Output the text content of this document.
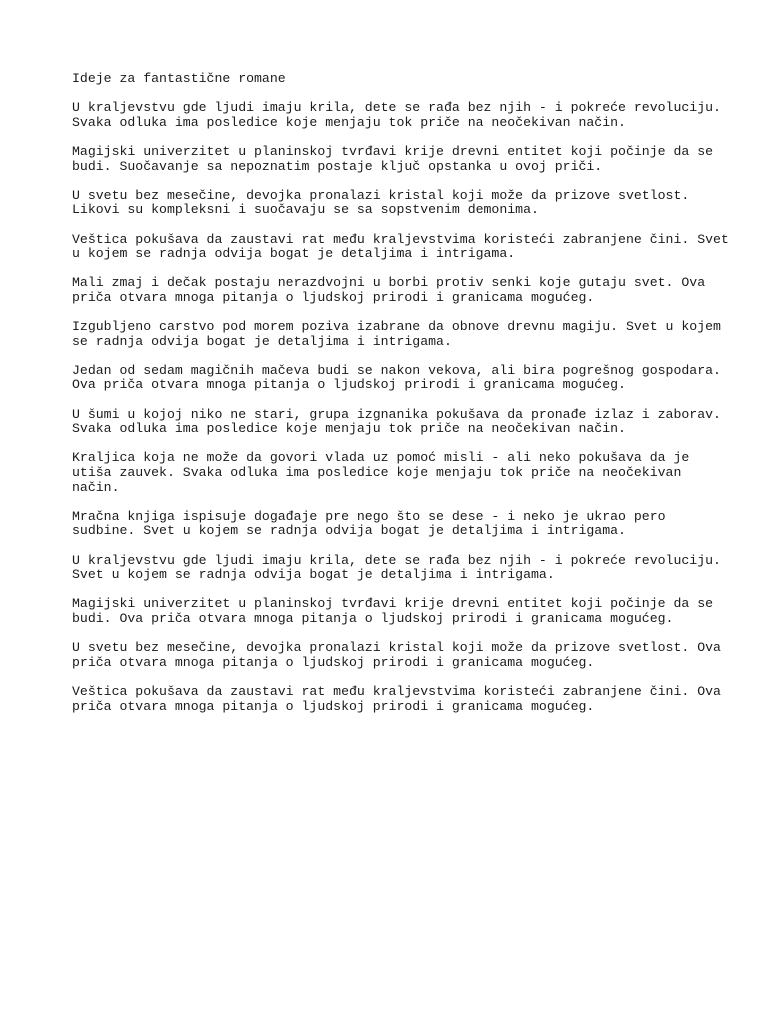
Ideje za fantastične romane
U kraljevstvu gde ljudi imaju krila, dete se rađa bez njih - i pokreće revoluciju.
Svaka odluka ima posledice koje menjaju tok priče na neočekivan način.
Magijski univerzitet u planinskoj tvrđavi krije drevni entitet koji počinje da se
budi. Suočavanje sa nepoznatim postaje ključ opstanka u ovoj priči.
U svetu bez mesečine, devojka pronalazi kristal koji može da prizove svetlost.
Likovi su kompleksni i suočavaju se sa sopstvenim demonima.
Veštica pokušava da zaustavi rat među kraljevstvima koristeći zabranjene čini. Svet
u kojem se radnja odvija bogat je detaljima i intrigama.
Mali zmaj i dečak postaju nerazdvojni u borbi protiv senki koje gutaju svet. Ova
priča otvara mnoga pitanja o ljudskoj prirodi i granicama mogućeg.
Izgubljeno carstvo pod morem poziva izabrane da obnove drevnu magiju. Svet u kojem
se radnja odvija bogat je detaljima i intrigama.
Jedan od sedam magičnih mačeva budi se nakon vekova, ali bira pogrešnog gospodara.
Ova priča otvara mnoga pitanja o ljudskoj prirodi i granicama mogućeg.
U šumi u kojoj niko ne stari, grupa izgnanika pokušava da pronađe izlaz i zaborav.
Svaka odluka ima posledice koje menjaju tok priče na neočekivan način.
Kraljica koja ne može da govori vlada uz pomoć misli - ali neko pokušava da je
utiša zauvek. Svaka odluka ima posledice koje menjaju tok priče na neočekivan
način.
Mračna knjiga ispisuje događaje pre nego što se dese - i neko je ukrao pero
sudbine. Svet u kojem se radnja odvija bogat je detaljima i intrigama.
U kraljevstvu gde ljudi imaju krila, dete se rađa bez njih - i pokreće revoluciju.
Svet u kojem se radnja odvija bogat je detaljima i intrigama.
Magijski univerzitet u planinskoj tvrđavi krije drevni entitet koji počinje da se
budi. Ova priča otvara mnoga pitanja o ljudskoj prirodi i granicama mogućeg.
U svetu bez mesečine, devojka pronalazi kristal koji može da prizove svetlost. Ova
priča otvara mnoga pitanja o ljudskoj prirodi i granicama mogućeg.
Veštica pokušava da zaustavi rat među kraljevstvima koristeći zabranjene čini. Ova
priča otvara mnoga pitanja o ljudskoj prirodi i granicama mogućeg.
